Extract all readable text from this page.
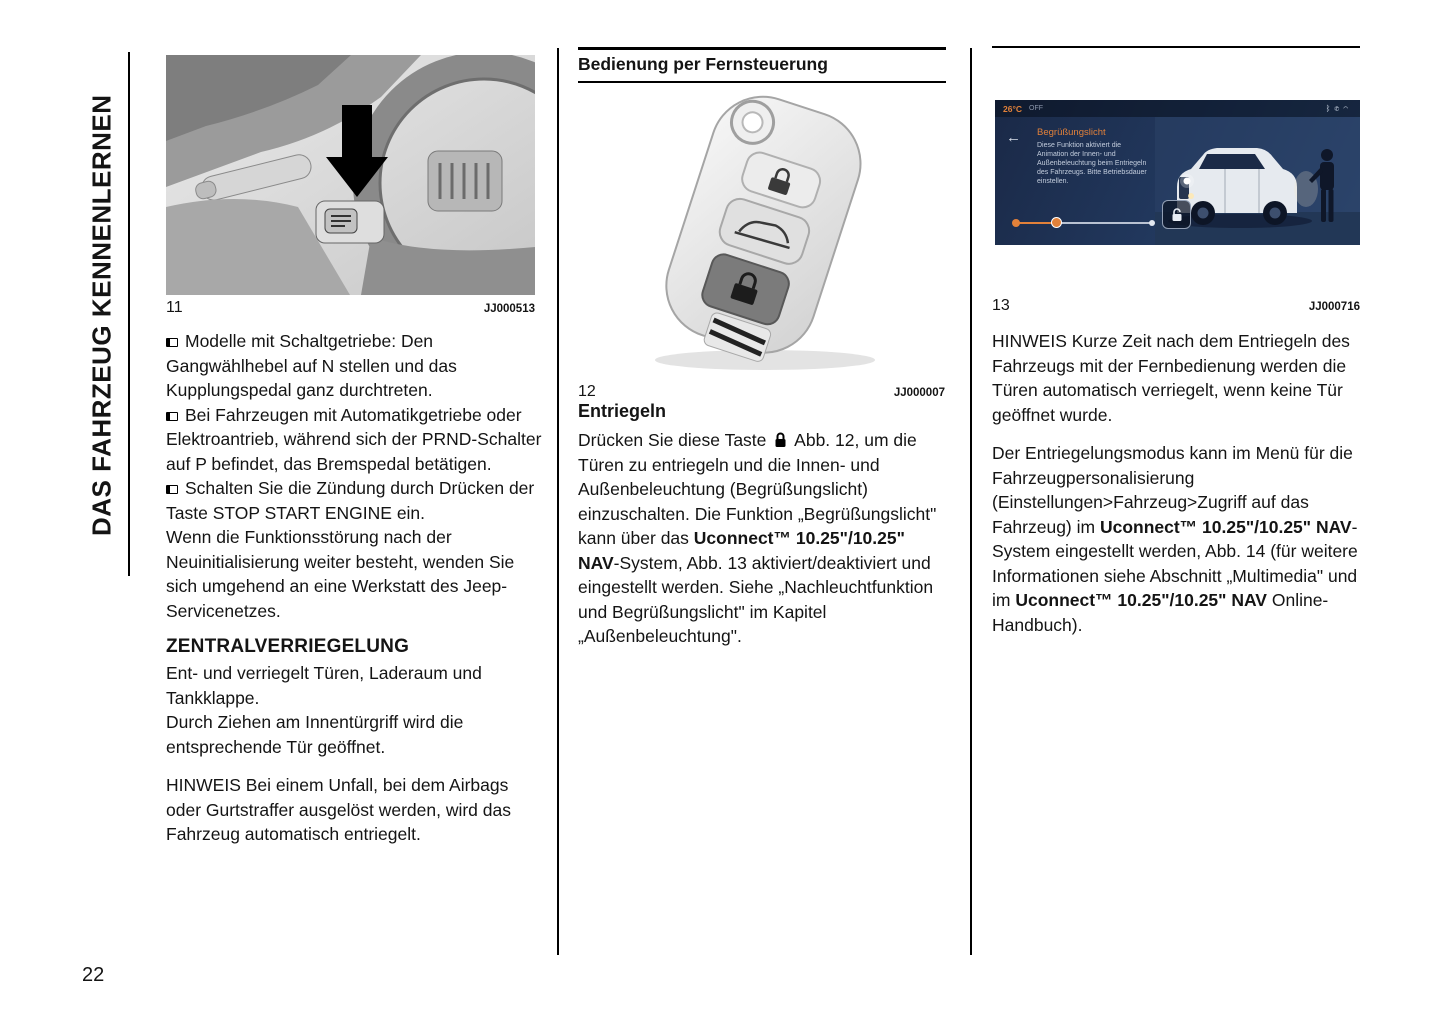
DAS FAHRZEUG KENNENLERNEN	11	JJ000513

Modelle mit Schaltgetriebe: Den Gangwählhebel auf N stellen und das Kupplungspedal ganz durchtreten.

Bei Fahrzeugen mit Automatikgetriebe oder Elektroantrieb, während sich der PRND-Schalter auf P befindet, das Bremspedal betätigen.

Schalten Sie die Zündung durch Drücken der Taste STOP START ENGINE ein.

Wenn die Funktionsstörung nach der Neuinitialisierung weiter besteht, wenden Sie sich umgehend an eine Werkstatt des Jeep-Servicenetzes.

ZENTRALVERRIEGELUNG

Ent- und verriegelt Türen, Laderaum und Tankklappe.

Durch Ziehen am Innentürgriff wird die entsprechende Tür geöffnet.

HINWEIS Bei einem Unfall, bei dem Airbags oder Gurtstraffer ausgelöst werden, wird das Fahrzeug automatisch entriegelt.

Bedienung per Fernsteuerung
12	JJ000007
Entriegeln

Drücken Sie diese Taste  Abb. 12, um die Türen zu entriegeln und die Innen- und Außenbeleuchtung (Begrüßungslicht) einzuschalten. Die Funktion „Begrüßungslicht" kann über das Uconnect™ 10.25"/10.25" NAV-System, Abb. 13 aktiviert/deaktiviert und eingestellt werden. Siehe „Nachleuchtfunktion und Begrüßungslicht" im Kapitel „Außenbeleuchtung".

26°C OFF	ᛒ✆◠
← Begrüßungslicht
Diese Funktion aktiviert die Animation der Innen- und Außenbeleuchtung beim Entriegeln des Fahrzeugs. Bitte Betriebsdauer einstellen.
13	JJ000716

HINWEIS Kurze Zeit nach dem Entriegeln des Fahrzeugs mit der Fernbedienung werden die Türen automatisch verriegelt, wenn keine Tür geöffnet wurde.

Der Entriegelungsmodus kann im Menü für die Fahrzeugpersonalisierung (Einstellungen>Fahrzeug>Zugriff auf das Fahrzeug) im Uconnect™ 10.25"/10.25" NAV-System eingestellt werden, Abb. 14 (für weitere Informationen siehe Abschnitt „Multimedia" und im Uconnect™ 10.25"/10.25" NAV Online-Handbuch).

22
